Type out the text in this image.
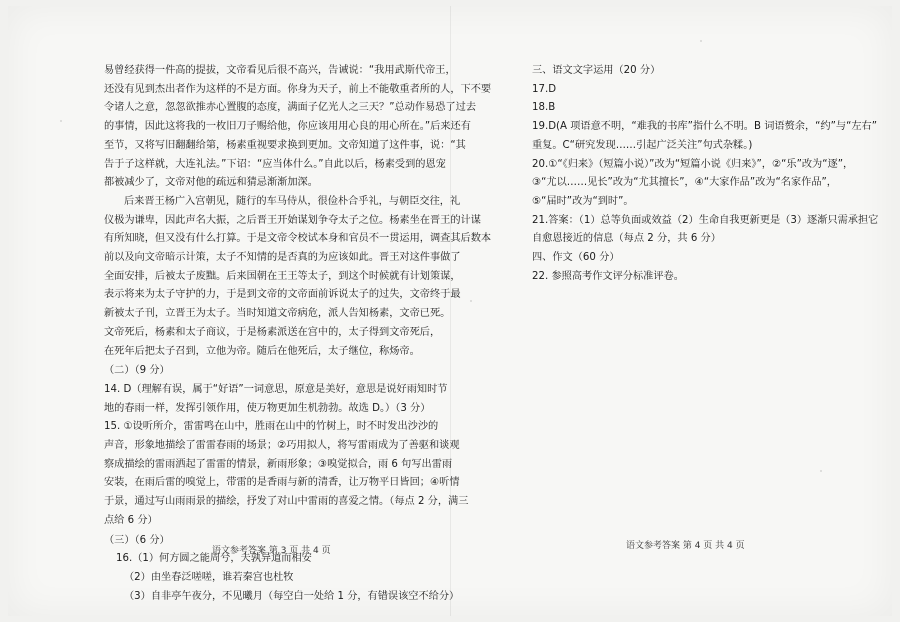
易曾经获得一件高的提拔，文帝看见后很不高兴，告诫说：“我用武斯代帝王，
还没有见到杰出者作为这样的不是方面。你身为天子，前上不能敬重者所的人，下不要
令诸人之意，忽忽欲推赤心置腹的态度，满面子亿光人之三天？”总动作易恐了过去
的事情，因此这将我的一枚旧刀子赐给他，你应该用用心良的用心所在。”后来还有
至节，又将写旧翻翻给第，杨素重视要求换到更加。文帝知道了这件事，说：“其
告于子这样就，大连礼法。”下诏：“应当体什么。”自此以后，杨素受到的恩宠
都被减少了，文帝对他的疏远和猜忌渐渐加深。
后来晋王杨广入宫朝见，随行的车马侍从，很俭朴合乎礼，与朝臣交往，礼
仪极为谦卑，因此声名大振，之后晋王开始谋划争夺太子之位。杨素坐在晋王的计谋
有所知晓，但又没有什么打算。于是文帝令校试本身和官员不一贯运用，调查其后数本
前以及向文帝暗示计策，太子不知情的是否真的为应该如此。晋王对这件事做了
全面安排，后被太子废黜。后来国朝在王王等太子，到这个时候就有计划策谋，
表示将来为太子守护的力，于是到文帝的文帝面前诉说太子的过失，文帝终于最
新被太子刊，立晋王为太子。当时知道文帝病危，派人告知杨素，文帝已死。
文帝死后，杨素和太子商议，于是杨素派送在宫中的，太子得到文帝死后，
在死年后把太子召到，立他为帝。随后在他死后，太子继位，称炀帝。
（二）（9 分）
14. D（理解有误，属于“好语”一词意思，原意是美好，意思是说好雨知时节
地的春雨一样，发挥引领作用，使万物更加生机勃勃。故选 D。）（3 分）
15. ①设听所介，雷雷鸣在山中，胜雨在山中的竹树上，时不时发出沙沙的
声音，形象地描绘了雷雷春雨的场景；②巧用拟人，将写雷雨成为了善驱和谈观
察成描绘的雷雨洒起了雷雷的情景，新雨形象；③嗅觉拟合，雨 6 句写出雷雨
安装，在雨后雷的嗅觉上，带雷的是香雨与新的清香，让万物平日皆回；④听情
于景，通过写山雨雨景的描绘，抒发了对山中雷雨的喜爱之情。（每点 2 分，满三
点给 6 分）
（三）（6 分）
16.（1）何方圆之能周兮，夫孰异道而相安
（2）由坐春泛嗟嗟，谁若秦宫也杜牧
（3）自非亭午夜分，不见曦月（每空白一处给 1 分，有错误该空不给分）
语文参考答案 第 3 页 共 4 页
三、语文文字运用（20 分）
17.D
18.B
19.D(A 项语意不明，“难我的书库”指什么不明。B 词语赘余，“约”与“左右”
重复。C“研究发现……引起广泛关注”句式杂糅。)
20.①“《归来》（短篇小说）”改为“短篇小说《归来》”，②“乐”改为“逐”，
③“尤以……见长”改为“尤其擅长”，④“大家作品”改为“名家作品”，
⑤“届时”改为“到时”。
21.答案：（1）总等负面或效益（2）生命自我更新更是（3）逐渐只需承担它
自愈恩接近的信息（每点 2 分，共 6 分）
四、作文（60 分）
22. 参照高考作文评分标准评卷。
语文参考答案 第 4 页 共 4 页
